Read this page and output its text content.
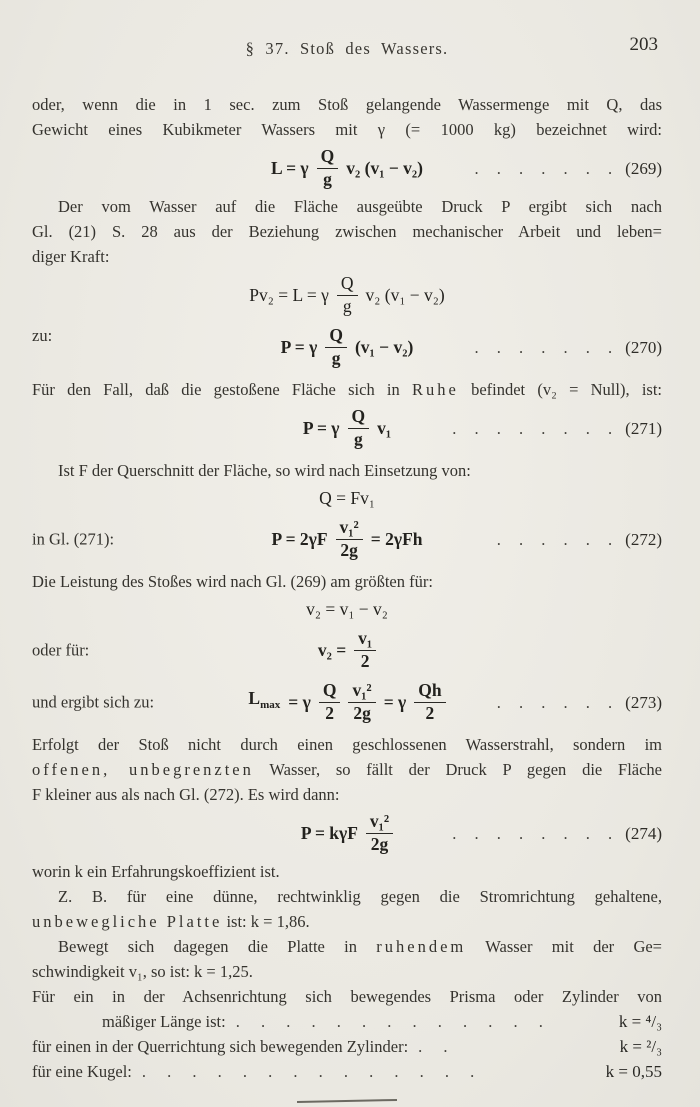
§ 37. Stoß des Wassers.	203
oder, wenn die in 1 sec. zum Stoß gelangende Wassermenge mit Q, das
Gewicht eines Kubikmeter Wassers mit γ (= 1000 kg) bezeichnet wird:
L = γ $\frac{Q}{g} v_2$ (v₁ − v₂)	. . . . . . . (269)
Der vom Wasser auf die Fläche ausgeübte Druck P ergibt sich nach
Gl. (21) S. 28 aus der Beziehung zwischen mechanischer Arbeit und leben=
diger Kraft:
Pv₂ = L = γ $\frac{Q}{g} v_2$ (v₁ − v₂)
zu:
P = γ $\frac{Q}{g} (v_1 - v_2)$	. . . . . . . (270)
Für den Fall, daß die gestoßene Fläche sich in Ruhe befindet (v₂ = Null), ist:
P = γ $\frac{Q}{g} v_1$	. . . . . . . . (271)
Ist F der Querschnitt der Fläche, so wird nach Einsetzung von:
Q = Fv₁
in Gl. (271):	$P = 2\gamma F \frac{\text{v₁²}}{2g} = 2\gamma Fh$	. . . . . . (272)
Die Leistung des Stoßes wird nach Gl. (269) am größten für:
v₂ = v₁ − v₂
oder für:	$v_2 = \frac{\text{v₁}}{2}$
und ergibt sich zu:	$L_{max} = \gamma \frac{Q}{2} \frac{\text{v₁²}}{2g} = \gamma \frac{Qh}{2}$	. . . . . . (273)
Erfolgt der Stoß nicht durch einen geschlossenen Wasserstrahl, sondern im
offenen, unbegrenzten Wasser, so fällt der Druck P gegen die Fläche
F kleiner aus als nach Gl. (272). Es wird dann:
P = kγF $\frac{\text{v₁²}}{2g}$	. . . . . . . . (274)
worin k ein Erfahrungskoeffizient ist.
Z. B. für eine dünne, rechtwinklig gegen die Stromrichtung gehaltene,
unbewegliche Platte ist: k = 1,86.
Bewegt sich dagegen die Platte in ruhendem Wasser mit der Ge=
schwindigkeit v₁, so ist: k = 1,25.
Für ein in der Achsenrichtung sich bewegendes Prisma oder Zylinder von
mäßiger Länge ist: . . . . . . . . . . . . .	k = ⁴/₃
für einen in der Querrichtung sich bewegenden Zylinder: . .	k = ²/₃
für eine Kugel: . . . . . . . . . . . . . .	k = 0,55
